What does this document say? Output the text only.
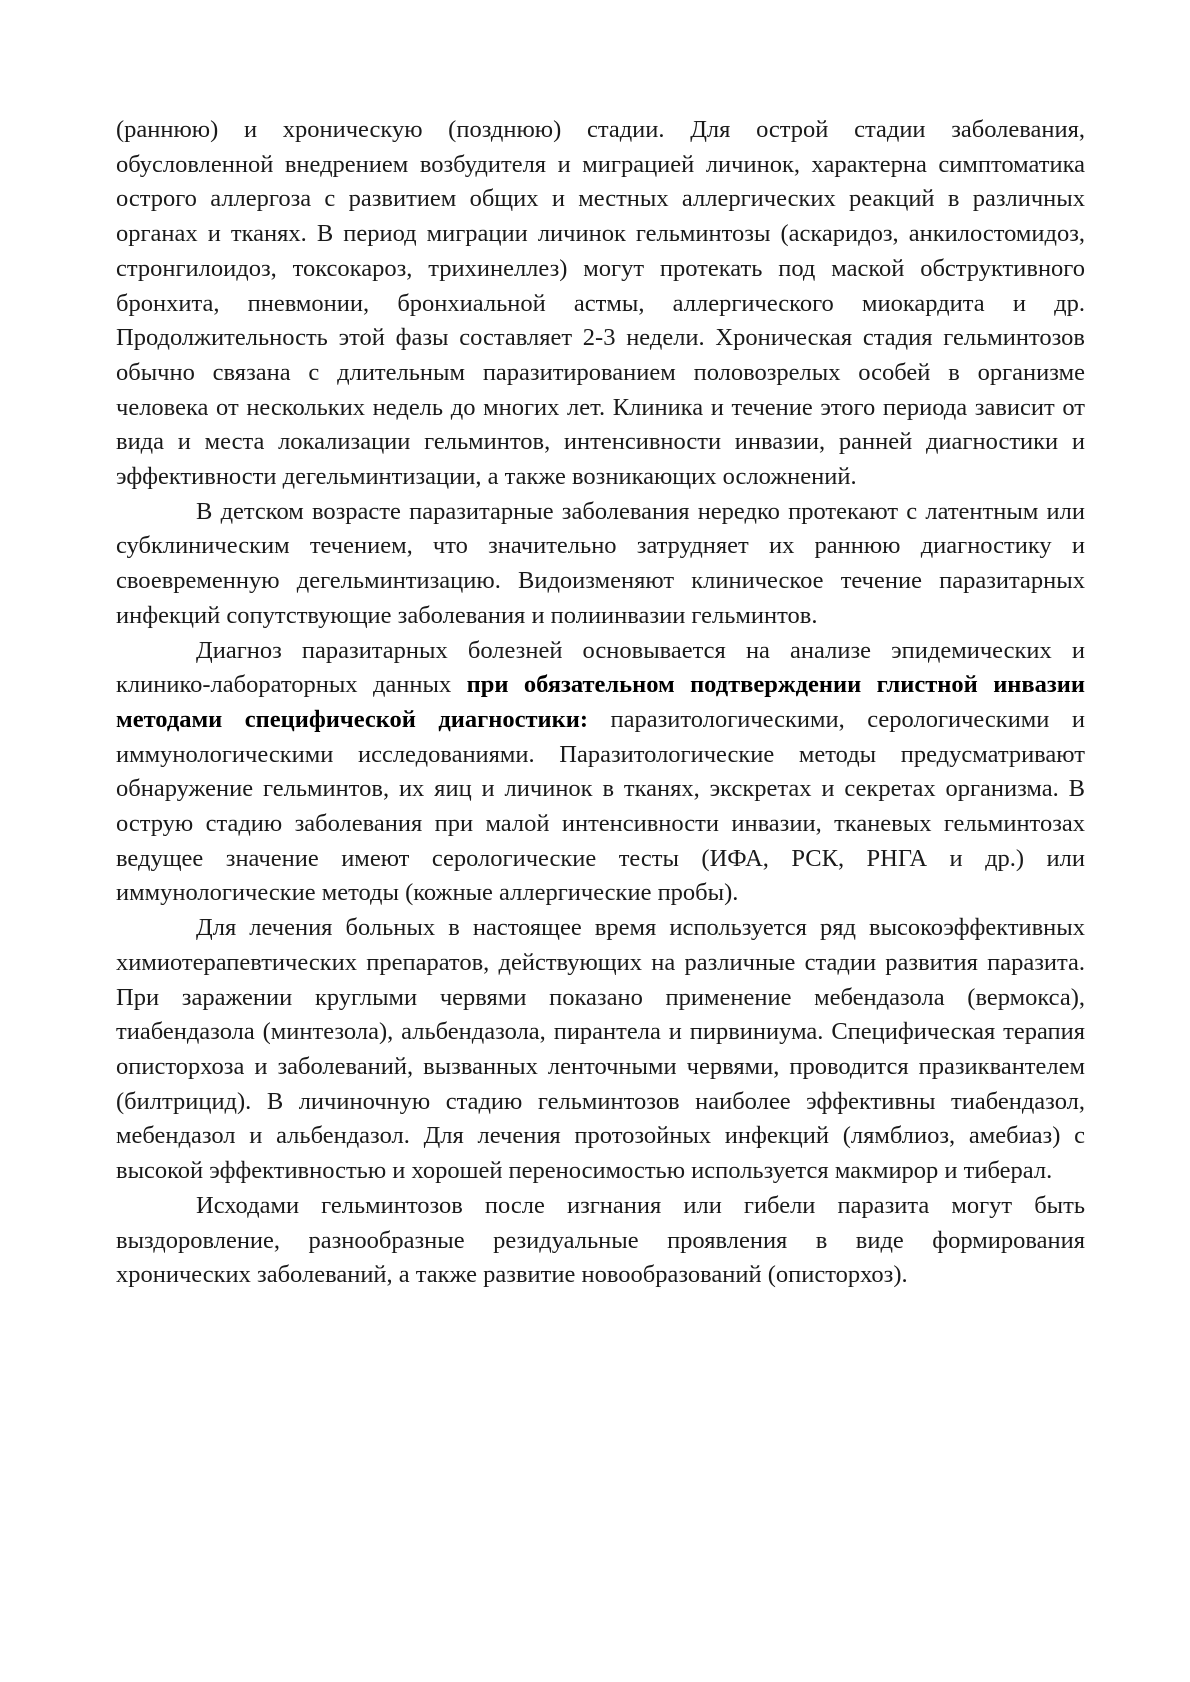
(раннюю) и хроническую (позднюю) стадии. Для острой стадии заболевания, обусловленной внедрением возбудителя и миграцией личинок, характерна симптоматика острого аллергоза с развитием общих и местных аллергических реакций в различных органах и тканях. В период миграции личинок гельминтозы (аскаридоз, анкилостомидоз, стронгилоидоз, токсокароз, трихинеллез) могут протекать под маской обструктивного бронхита, пневмонии, бронхиальной астмы, аллергического миокардита и др. Продолжительность этой фазы составляет 2-3 недели. Хроническая стадия гельминтозов обычно связана с длительным паразитированием половозрелых особей в организме человека от нескольких недель до многих лет. Клиника и течение этого периода зависит от вида и места локализации гельминтов, интенсивности инвазии, ранней диагностики и эффективности дегельминтизации, а также возникающих осложнений.

В детском возрасте паразитарные заболевания нередко протекают с латентным или субклиническим течением, что значительно затрудняет их раннюю диагностику и своевременную дегельминтизацию. Видоизменяют клиническое течение паразитарных инфекций сопутствующие заболевания и полиинвазии гельминтов.

Диагноз паразитарных болезней основывается на анализе эпидемических и клинико-лабораторных данных при обязательном подтверждении глистной инвазии методами специфической диагностики: паразитологическими, серологическими и иммунологическими исследованиями. Паразитологические методы предусматривают обнаружение гельминтов, их яиц и личинок в тканях, экскретах и секретах организма. В острую стадию заболевания при малой интенсивности инвазии, тканевых гельминтозах ведущее значение имеют серологические тесты (ИФА, РСК, РНГА и др.) или иммунологические методы (кожные аллергические пробы).

Для лечения больных в настоящее время используется ряд высокоэффективных химиотерапевтических препаратов, действующих на различные стадии развития паразита. При заражении круглыми червями показано применение мебендазола (вермокса), тиабендазола (минтезола), альбендазола, пирантела и пирвиниума. Специфическая терапия описторхоза и заболеваний, вызванных ленточными червями, проводится празиквантелем (билтрицид). В личиночную стадию гельминтозов наиболее эффективны тиабендазол, мебендазол и альбендазол. Для лечения протозойных инфекций (лямблиоз, амебиаз) с высокой эффективностью и хорошей переносимостью используется макмирор и тиберал.

Исходами гельминтозов после изгнания или гибели паразита могут быть выздоровление, разнообразные резидуальные проявления в виде формирования хронических заболеваний, а также развитие новообразований (описторхоз).
